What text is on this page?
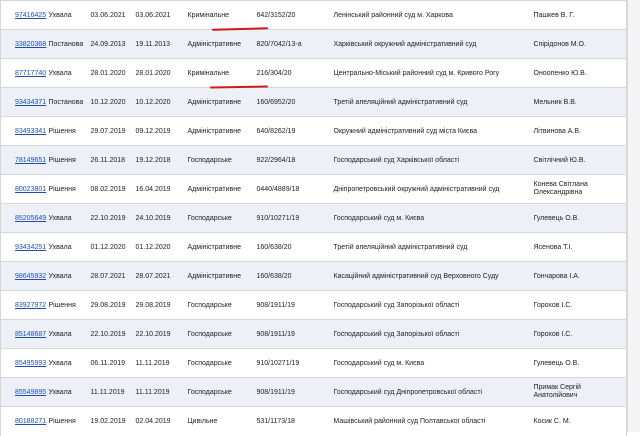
97416425	Ухвала	03.06.2021	03.06.2021	Кримінальне	642/3152/20	Ленінський районний суд м. Харкова	Пашкев В. Г.
33820368	Постанова	24.09.2013	19.11.2013	Адміністративне	820/7042/13-а	Харківський окружний адміністративний суд	Спірідонов М.О.
87717740	Ухвала	28.01.2020	28.01.2020	Кримінальне	216/304/20	Центрально-Міський районний суд м. Кривого Рогу	Оноопенко Ю.В.
93434371	Постанова	10.12.2020	10.12.2020	Адміністративне	160/6952/20	Третій апеляційний адміністративний суд	Мельник В.В.
83493341	Рішення	29.07.2019	09.12.2019	Адміністративне	640/8262/19	Окружний адміністративний суд міста Києва	Літвинова А.В.
78149651	Рішення	26.11.2018	19.12.2018	Господарське	922/2964/18	Господарський суд Харківської області	Світлічний Ю.В.
80023801	Рішення	08.02.2019	16.04.2019	Адміністративне	0440/4889/18	Дніпропетровський окружний адміністративний суд	Конева Світлана Олександрівна
85205649	Ухвала	22.10.2019	24.10.2019	Господарське	910/10271/19	Господарський суд м. Києва	Гулевець О.В.
93434251	Ухвала	01.12.2020	01.12.2020	Адміністративне	160/638/20	Третій апеляційний адміністративний суд	Ясенова Т.І.
98645932	Ухвала	28.07.2021	28.07.2021	Адміністративне	160/638/20	Касаційний адміністративний суд Верховного Суду	Гончарова І.А.
83927972	Рішення	29.08.2019	29.08.2019	Господарське	908/1911/19	Господарський суд Запорізької області	Горохов І.С.
85148687	Ухвала	22.10.2019	22.10.2019	Господарське	908/1911/19	Господарський суд Запорізької області	Горохов І.С.
85495993	Ухвала	06.11.2019	11.11.2019	Господарське	910/10271/19	Господарський суд м. Києва	Гулевець О.В.
85549895	Ухвала	11.11.2019	11.11.2019	Господарське	908/1911/19	Господарський суд Дніпропетровської області	Примак Сергій Анатолійович
80188271	Рішення	19.02.2019	02.04.2019	Цивільне	531/1173/18	Машівський районний суд Полтавської області	Косик С. М.
